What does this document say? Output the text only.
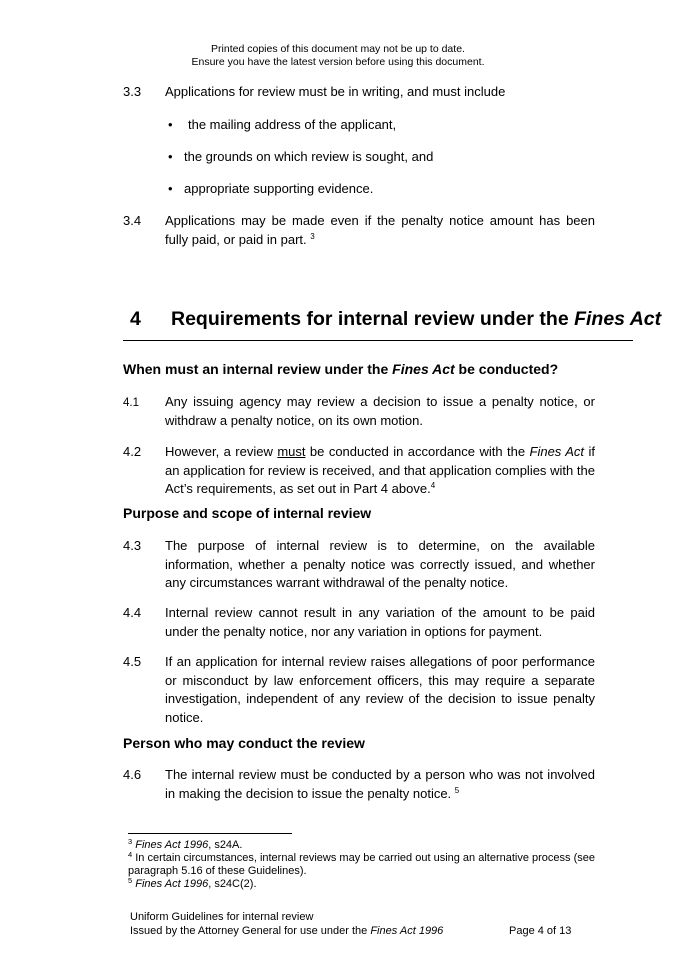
Printed copies of this document may not be up to date.
Ensure you have the latest version before using this document.
3.3 Applications for review must be in writing, and must include
• the mailing address of the applicant,
• the grounds on which review is sought, and
• appropriate supporting evidence.
3.4 Applications may be made even if the penalty notice amount has been fully paid, or paid in part. $^3$
4 Requirements for internal review under the Fines Act
When must an internal review under the Fines Act be conducted?
4.1 Any issuing agency may review a decision to issue a penalty notice, or withdraw a penalty notice, on its own motion.
4.2 However, a review must be conducted in accordance with the Fines Act if an application for review is received, and that application complies with the Act’s requirements, as set out in Part 4 above.$^4$
Purpose and scope of internal review
4.3 The purpose of internal review is to determine, on the available information, whether a penalty notice was correctly issued, and whether any circumstances warrant withdrawal of the penalty notice.
4.4 Internal review cannot result in any variation of the amount to be paid under the penalty notice, nor any variation in options for payment.
4.5 If an application for internal review raises allegations of poor performance or misconduct by law enforcement officers, this may require a separate investigation, independent of any review of the decision to issue penalty notice.
Person who may conduct the review
4.6 The internal review must be conducted by a person who was not involved in making the decision to issue the penalty notice. $^5$
$^3$ Fines Act 1996, s24A.
$^4$ In certain circumstances, internal reviews may be carried out using an alternative process (see paragraph 5.16 of these Guidelines).
$^5$ Fines Act 1996, s24C(2).
Uniform Guidelines for internal review
Issued by the Attorney General for use under the Fines Act 1996	Page 4 of 13
